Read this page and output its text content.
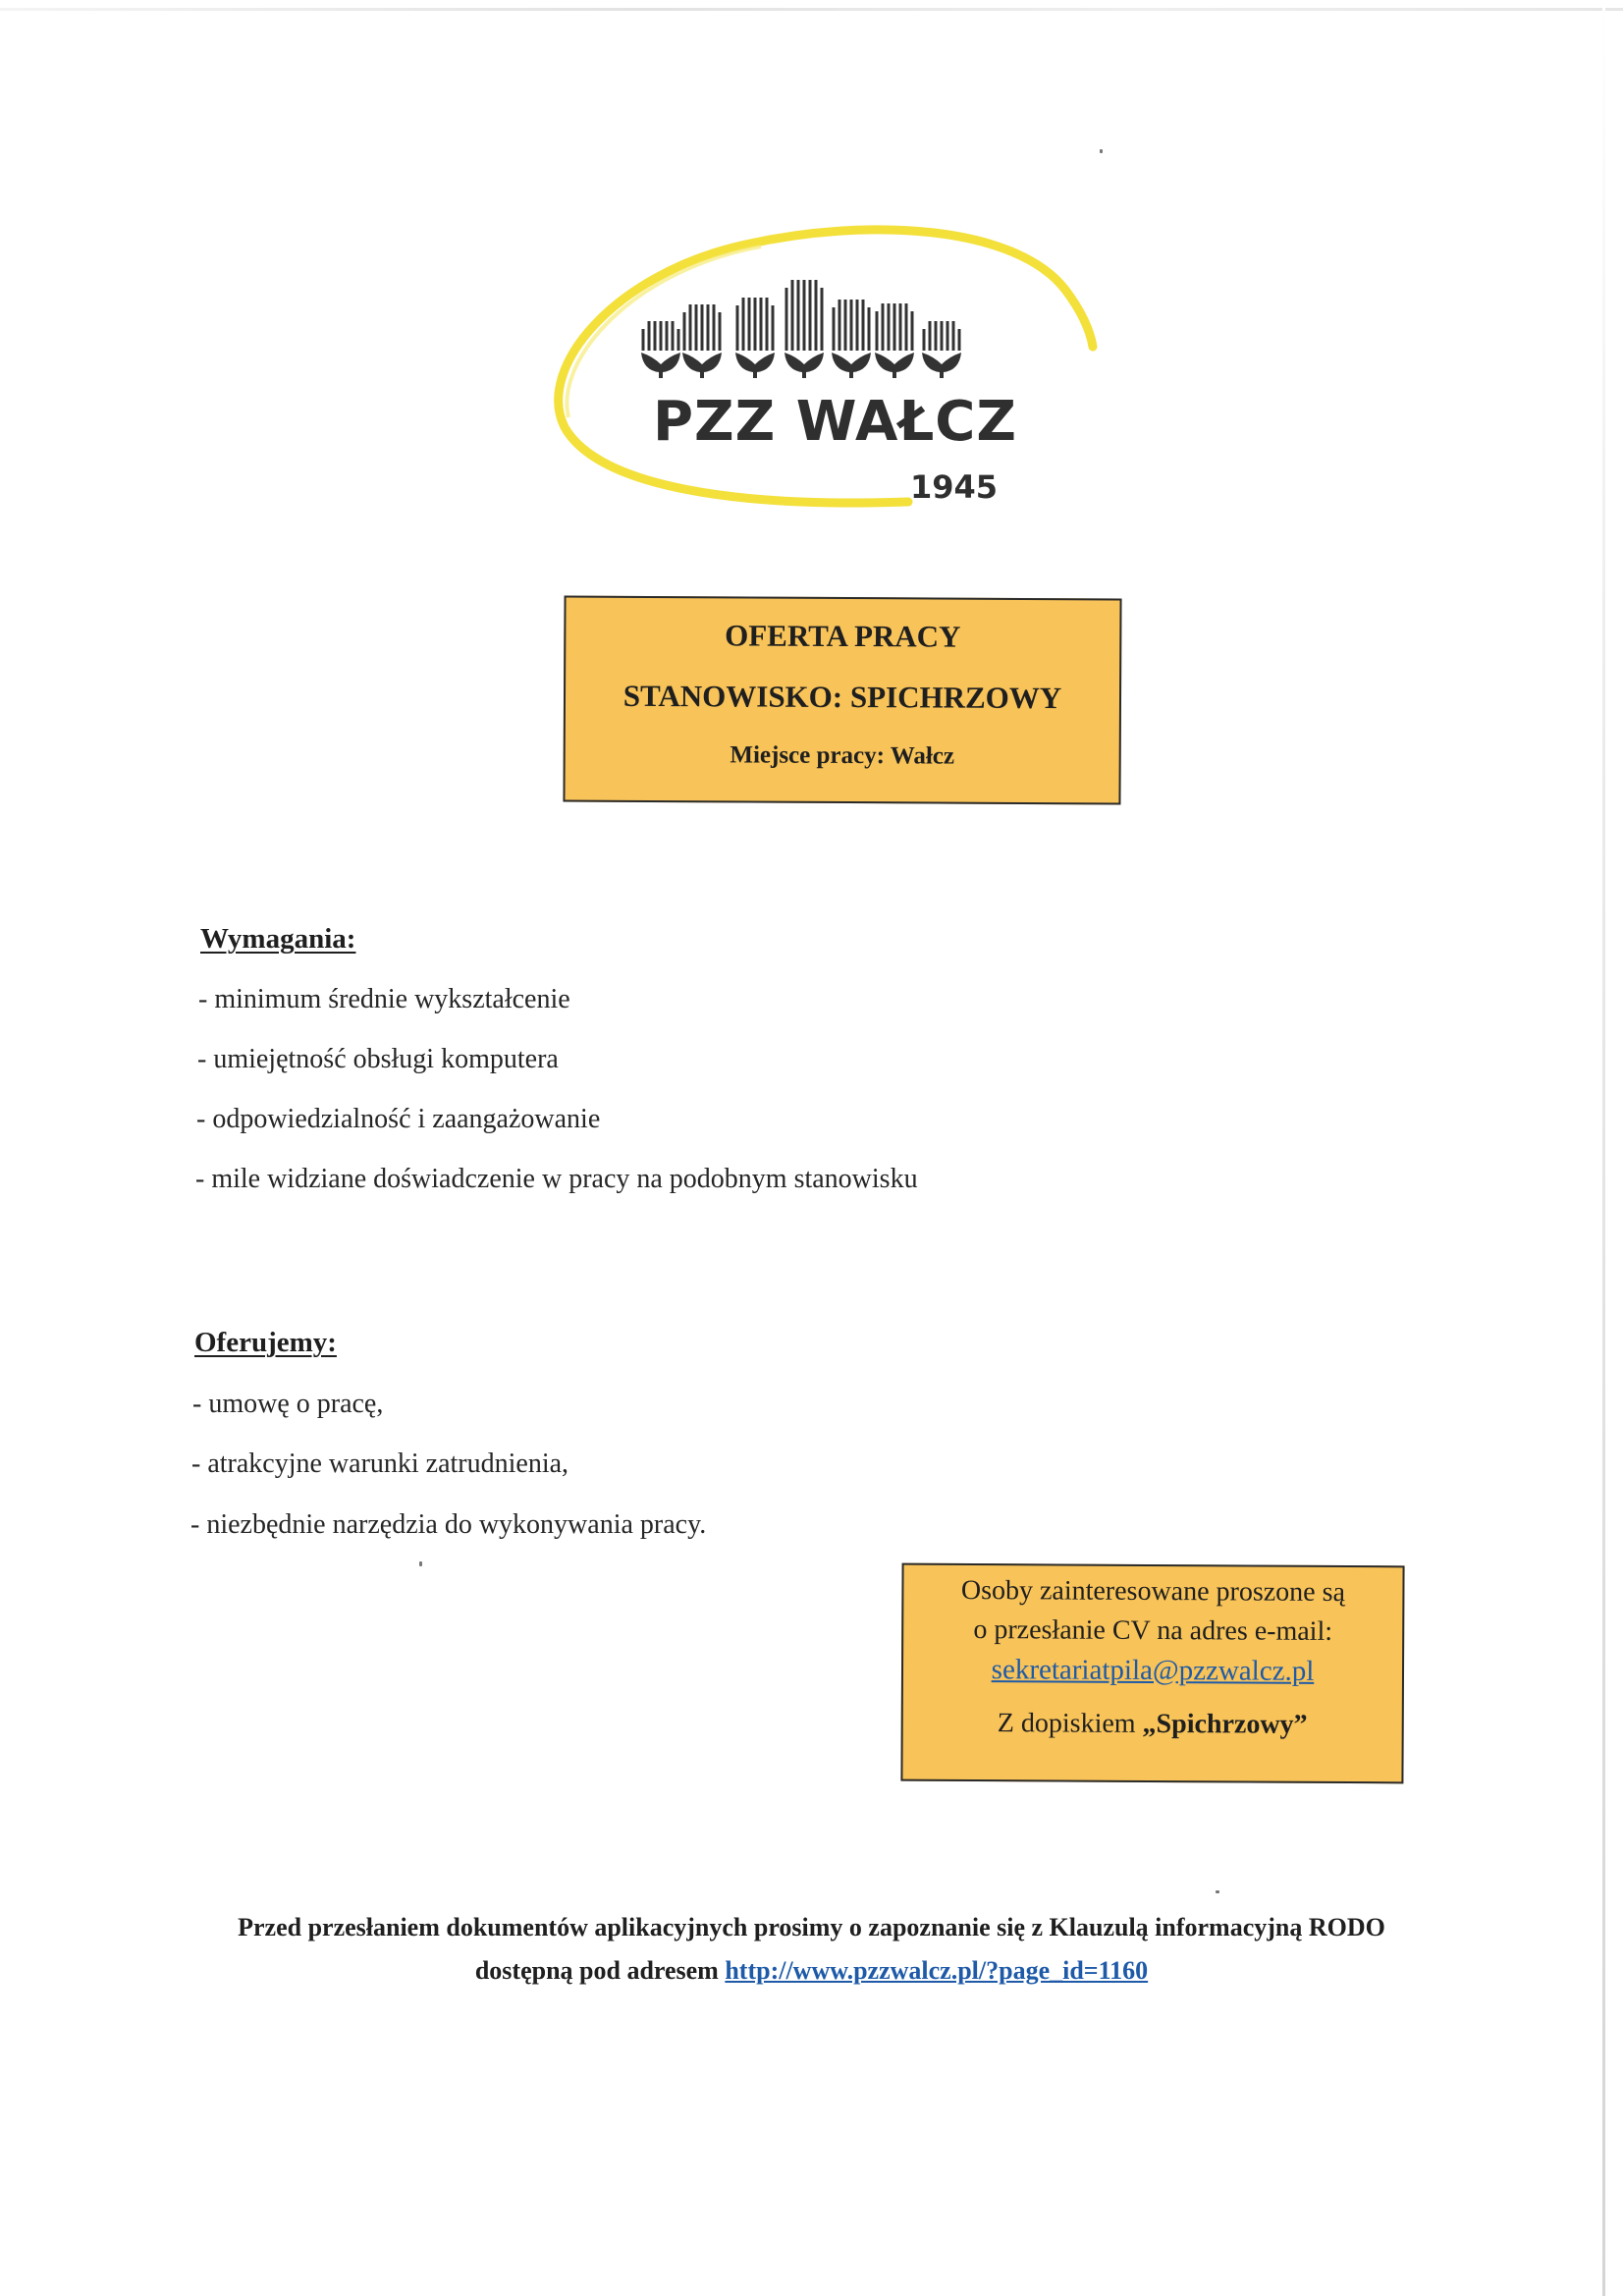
PZZ WAŁCZ
1945
OFERTA PRACY
STANOWISKO: SPICHRZOWY
Miejsce pracy: Wałcz
Wymagania:
- minimum średnie wykształcenie
- umiejętność obsługi komputera
- odpowiedzialność i zaangażowanie
- mile widziane doświadczenie w pracy na podobnym stanowisku
Oferujemy:
- umowę o pracę,
- atrakcyjne warunki zatrudnienia,
- niezbędnie narzędzia do wykonywania pracy.
Osoby zainteresowane proszone są
o przesłanie CV na adres e-mail:
sekretariatpila@pzzwalcz.pl
Z dopiskiem „Spichrzowy”
Przed przesłaniem dokumentów aplikacyjnych prosimy o zapoznanie się z Klauzulą informacyjną RODO
dostępną pod adresem http://www.pzzwalcz.pl/?page_id=1160
